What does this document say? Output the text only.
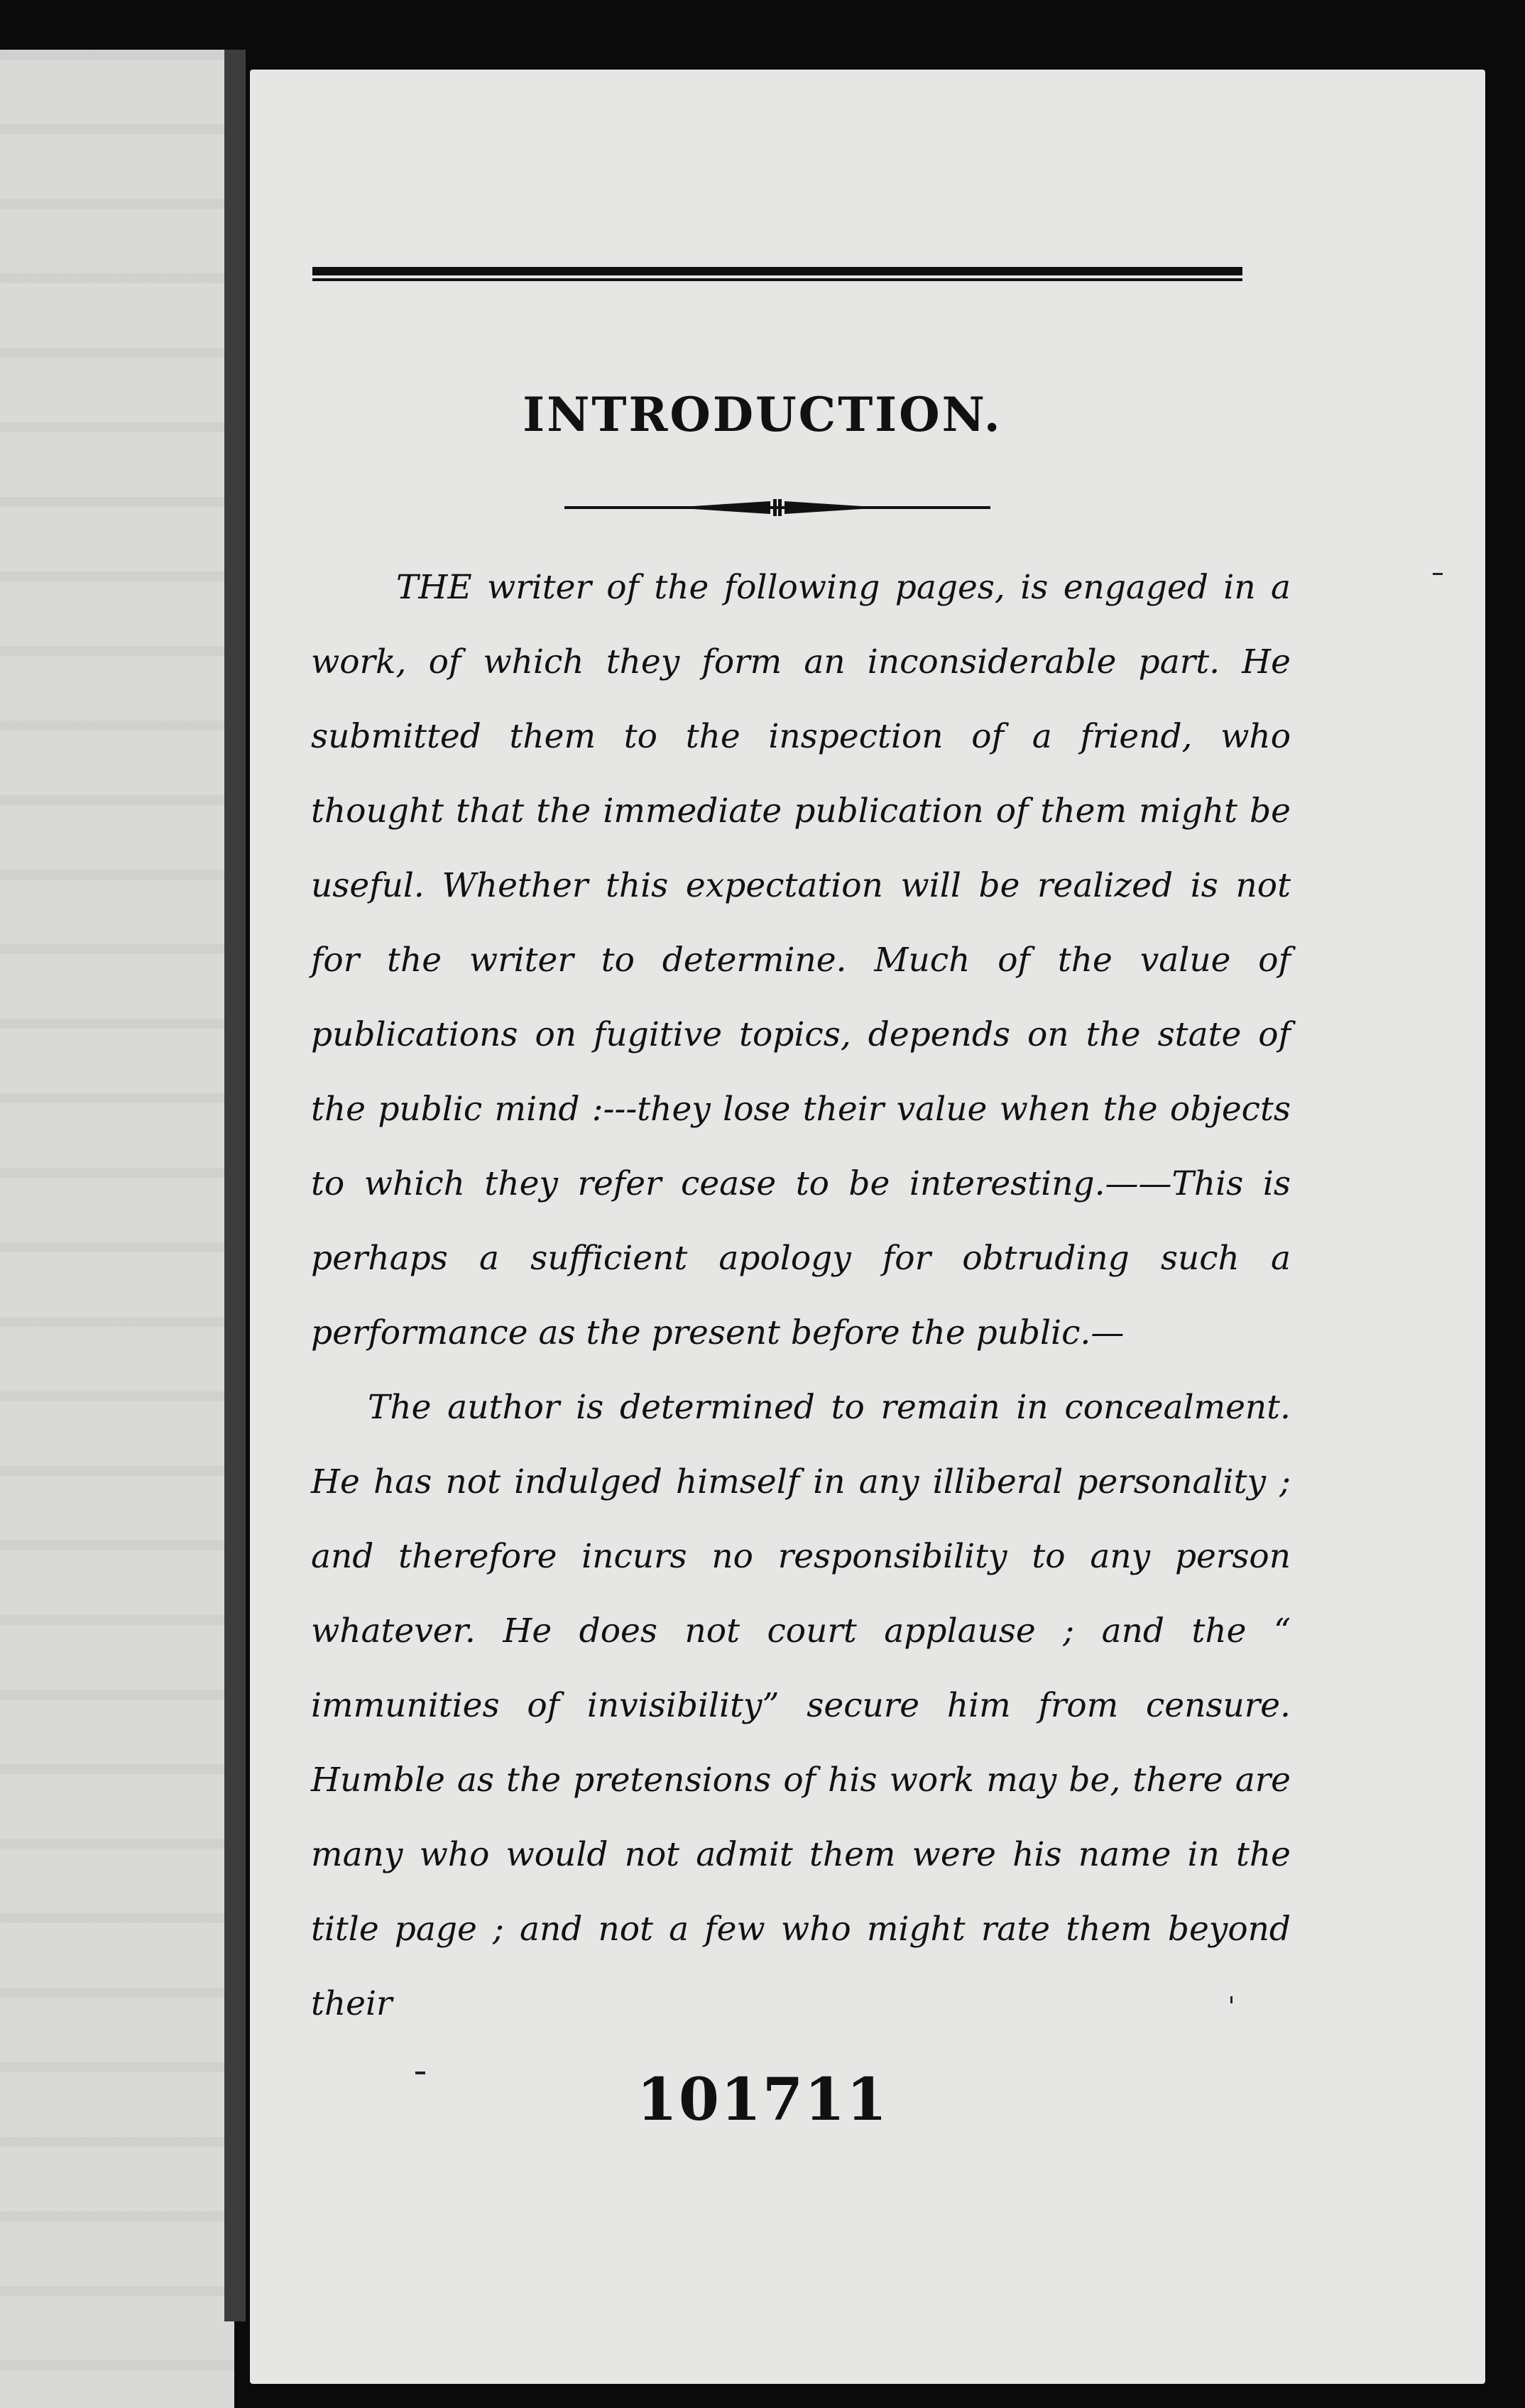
INTRODUCTION.

THE writer of the following pages, is engaged in a work, of which they form an inconsiderable part. He submitted them to the inspection of a friend, who thought that the immediate publication of them might be useful. Whether this expectation will be realized is not for the writer to determine. Much of the value of publications on fugitive topics, depends on the state of the public mind :---they lose their value when the objects to which they refer cease to be interesting.——This is perhaps a sufficient apology for obtruding such a performance as the present before the public.—

The author is determined to remain in concealment. He has not indulged himself in any illiberal personality ; and therefore incurs no responsibility to any person whatever. He does not court applause ; and the “ immunities of invisibility” secure him from censure. Humble as the pretensions of his work may be, there are many who would not admit them were his name in the title page ; and not a few who might rate them beyond their

101711
